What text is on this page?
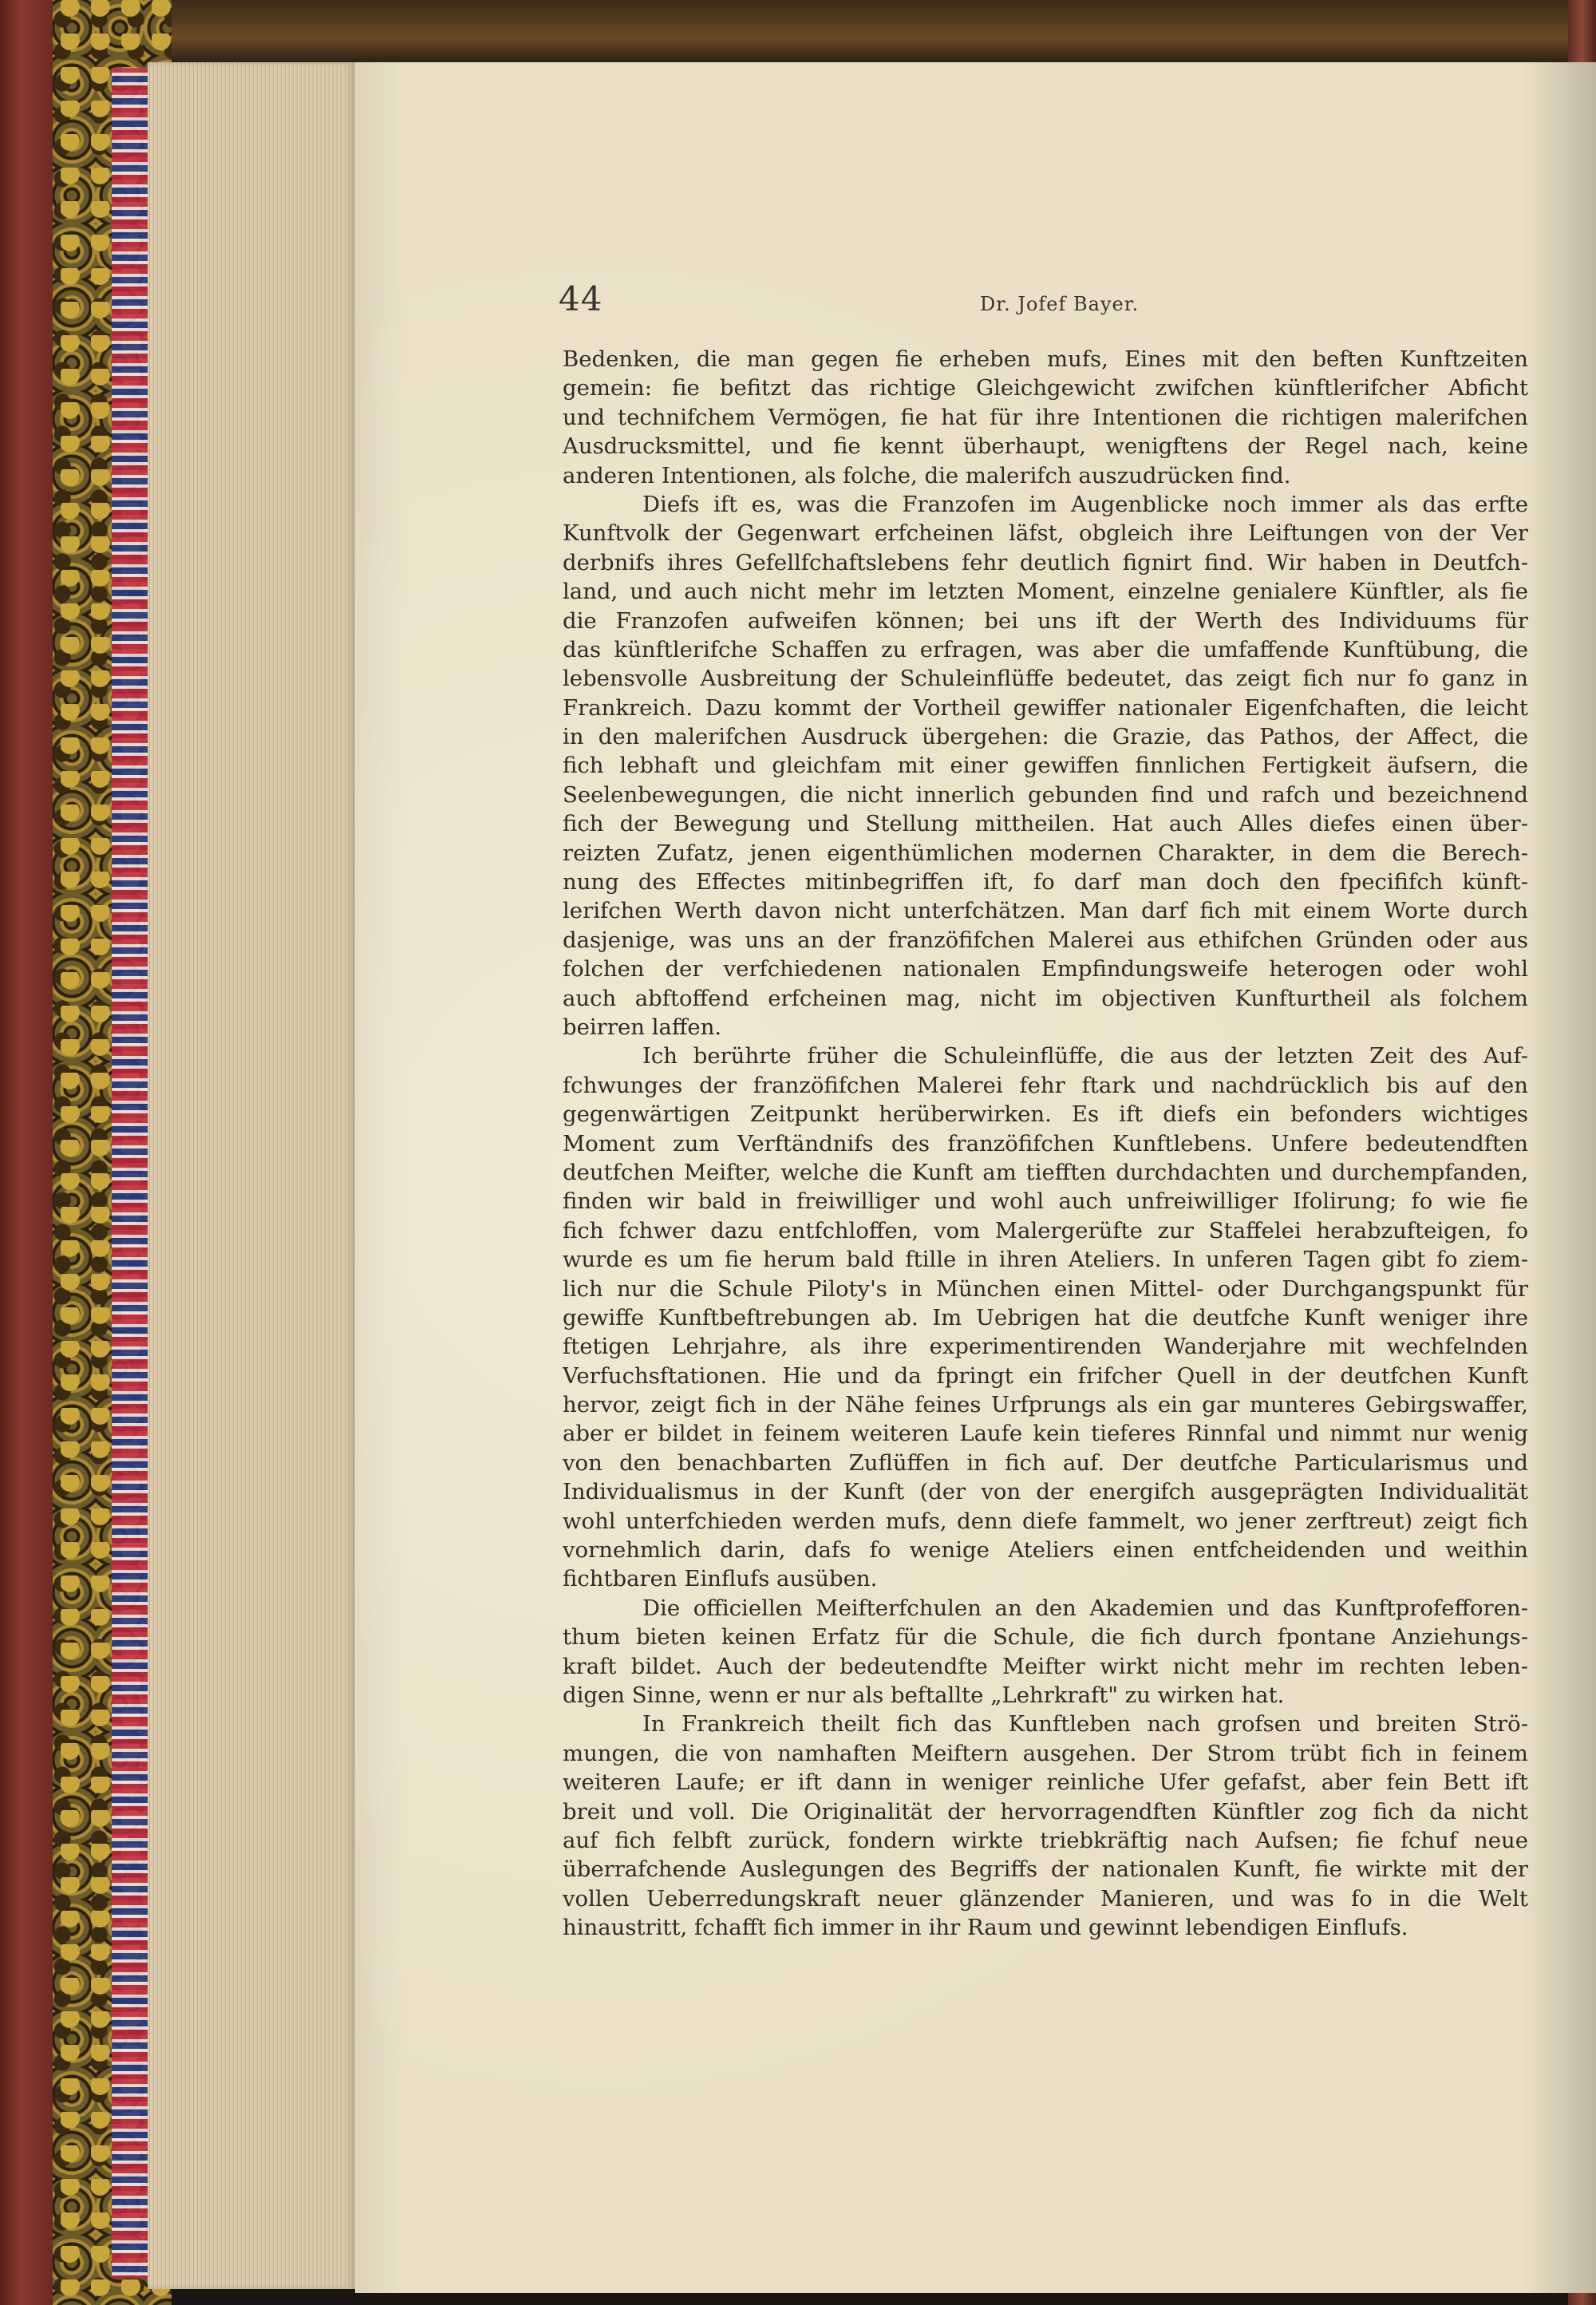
44	Dr. Jofef Bayer.
Bedenken, die man gegen fie erheben mufs, Eines mit den beften Kunftzeiten
gemein: fie befitzt das richtige Gleichgewicht zwifchen künftlerifcher Abficht
und technifchem Vermögen, fie hat für ihre Intentionen die richtigen malerifchen
Ausdrucksmittel, und fie kennt überhaupt, wenigftens der Regel nach, keine
anderen Intentionen, als folche, die malerifch auszudrücken find.
Diefs ift es, was die Franzofen im Augenblicke noch immer als das erfte
Kunftvolk der Gegenwart erfcheinen läfst, obgleich ihre Leiftungen von der Ver
derbnifs ihres Gefellfchaftslebens fehr deutlich fignirt find. Wir haben in Deutfch-
land, und auch nicht mehr im letzten Moment, einzelne genialere Künftler, als fie
die Franzofen aufweifen können; bei uns ift der Werth des Individuums für
das künftlerifche Schaffen zu erfragen, was aber die umfaffende Kunftübung, die
lebensvolle Ausbreitung der Schuleinflüffe bedeutet, das zeigt fich nur fo ganz in
Frankreich. Dazu kommt der Vortheil gewiffer nationaler Eigenfchaften, die leicht
in den malerifchen Ausdruck übergehen: die Grazie, das Pathos, der Affect, die
fich lebhaft und gleichfam mit einer gewiffen finnlichen Fertigkeit äufsern, die
Seelenbewegungen, die nicht innerlich gebunden find und rafch und bezeichnend
fich der Bewegung und Stellung mittheilen. Hat auch Alles diefes einen über-
reizten Zufatz, jenen eigenthümlichen modernen Charakter, in dem die Berech-
nung des Effectes mitinbegriffen ift, fo darf man doch den fpecififch künft-
lerifchen Werth davon nicht unterfchätzen. Man darf fich mit einem Worte durch
dasjenige, was uns an der franzöfifchen Malerei aus ethifchen Gründen oder aus
folchen der verfchiedenen nationalen Empfindungsweife heterogen oder wohl
auch abftoffend erfcheinen mag, nicht im objectiven Kunfturtheil als folchem
beirren laffen.
Ich berührte früher die Schuleinflüffe, die aus der letzten Zeit des Auf-
fchwunges der franzöfifchen Malerei fehr ftark und nachdrücklich bis auf den
gegenwärtigen Zeitpunkt herüberwirken. Es ift diefs ein befonders wichtiges
Moment zum Verftändnifs des franzöfifchen Kunftlebens. Unfere bedeutendften
deutfchen Meifter, welche die Kunft am tiefften durchdachten und durchempfanden,
finden wir bald in freiwilliger und wohl auch unfreiwilliger Ifolirung; fo wie fie
fich fchwer dazu entfchloffen, vom Malergerüfte zur Staffelei herabzufteigen, fo
wurde es um fie herum bald ftille in ihren Ateliers. In unferen Tagen gibt fo ziem-
lich nur die Schule Piloty's in München einen Mittel- oder Durchgangspunkt für
gewiffe Kunftbeftrebungen ab. Im Uebrigen hat die deutfche Kunft weniger ihre
ftetigen Lehrjahre, als ihre experimentirenden Wanderjahre mit wechfelnden
Verfuchsftationen. Hie und da fpringt ein frifcher Quell in der deutfchen Kunft
hervor, zeigt fich in der Nähe feines Urfprungs als ein gar munteres Gebirgswaffer,
aber er bildet in feinem weiteren Laufe kein tieferes Rinnfal und nimmt nur wenig
von den benachbarten Zuflüffen in fich auf. Der deutfche Particularismus und
Individualismus in der Kunft (der von der energifch ausgeprägten Individualität
wohl unterfchieden werden mufs, denn diefe fammelt, wo jener zerftreut) zeigt fich
vornehmlich darin, dafs fo wenige Ateliers einen entfcheidenden und weithin
fichtbaren Einflufs ausüben.
Die officiellen Meifterfchulen an den Akademien und das Kunftprofefforen-
thum bieten keinen Erfatz für die Schule, die fich durch fpontane Anziehungs-
kraft bildet. Auch der bedeutendfte Meifter wirkt nicht mehr im rechten leben-
digen Sinne, wenn er nur als beftallte „Lehrkraft" zu wirken hat.
In Frankreich theilt fich das Kunftleben nach grofsen und breiten Strö-
mungen, die von namhaften Meiftern ausgehen. Der Strom trübt fich in feinem
weiteren Laufe; er ift dann in weniger reinliche Ufer gefafst, aber fein Bett ift
breit und voll. Die Originalität der hervorragendften Künftler zog fich da nicht
auf fich felbft zurück, fondern wirkte triebkräftig nach Aufsen; fie fchuf neue
überrafchende Auslegungen des Begriffs der nationalen Kunft, fie wirkte mit der
vollen Ueberredungskraft neuer glänzender Manieren, und was fo in die Welt
hinaustritt, fchafft fich immer in ihr Raum und gewinnt lebendigen Einflufs.
